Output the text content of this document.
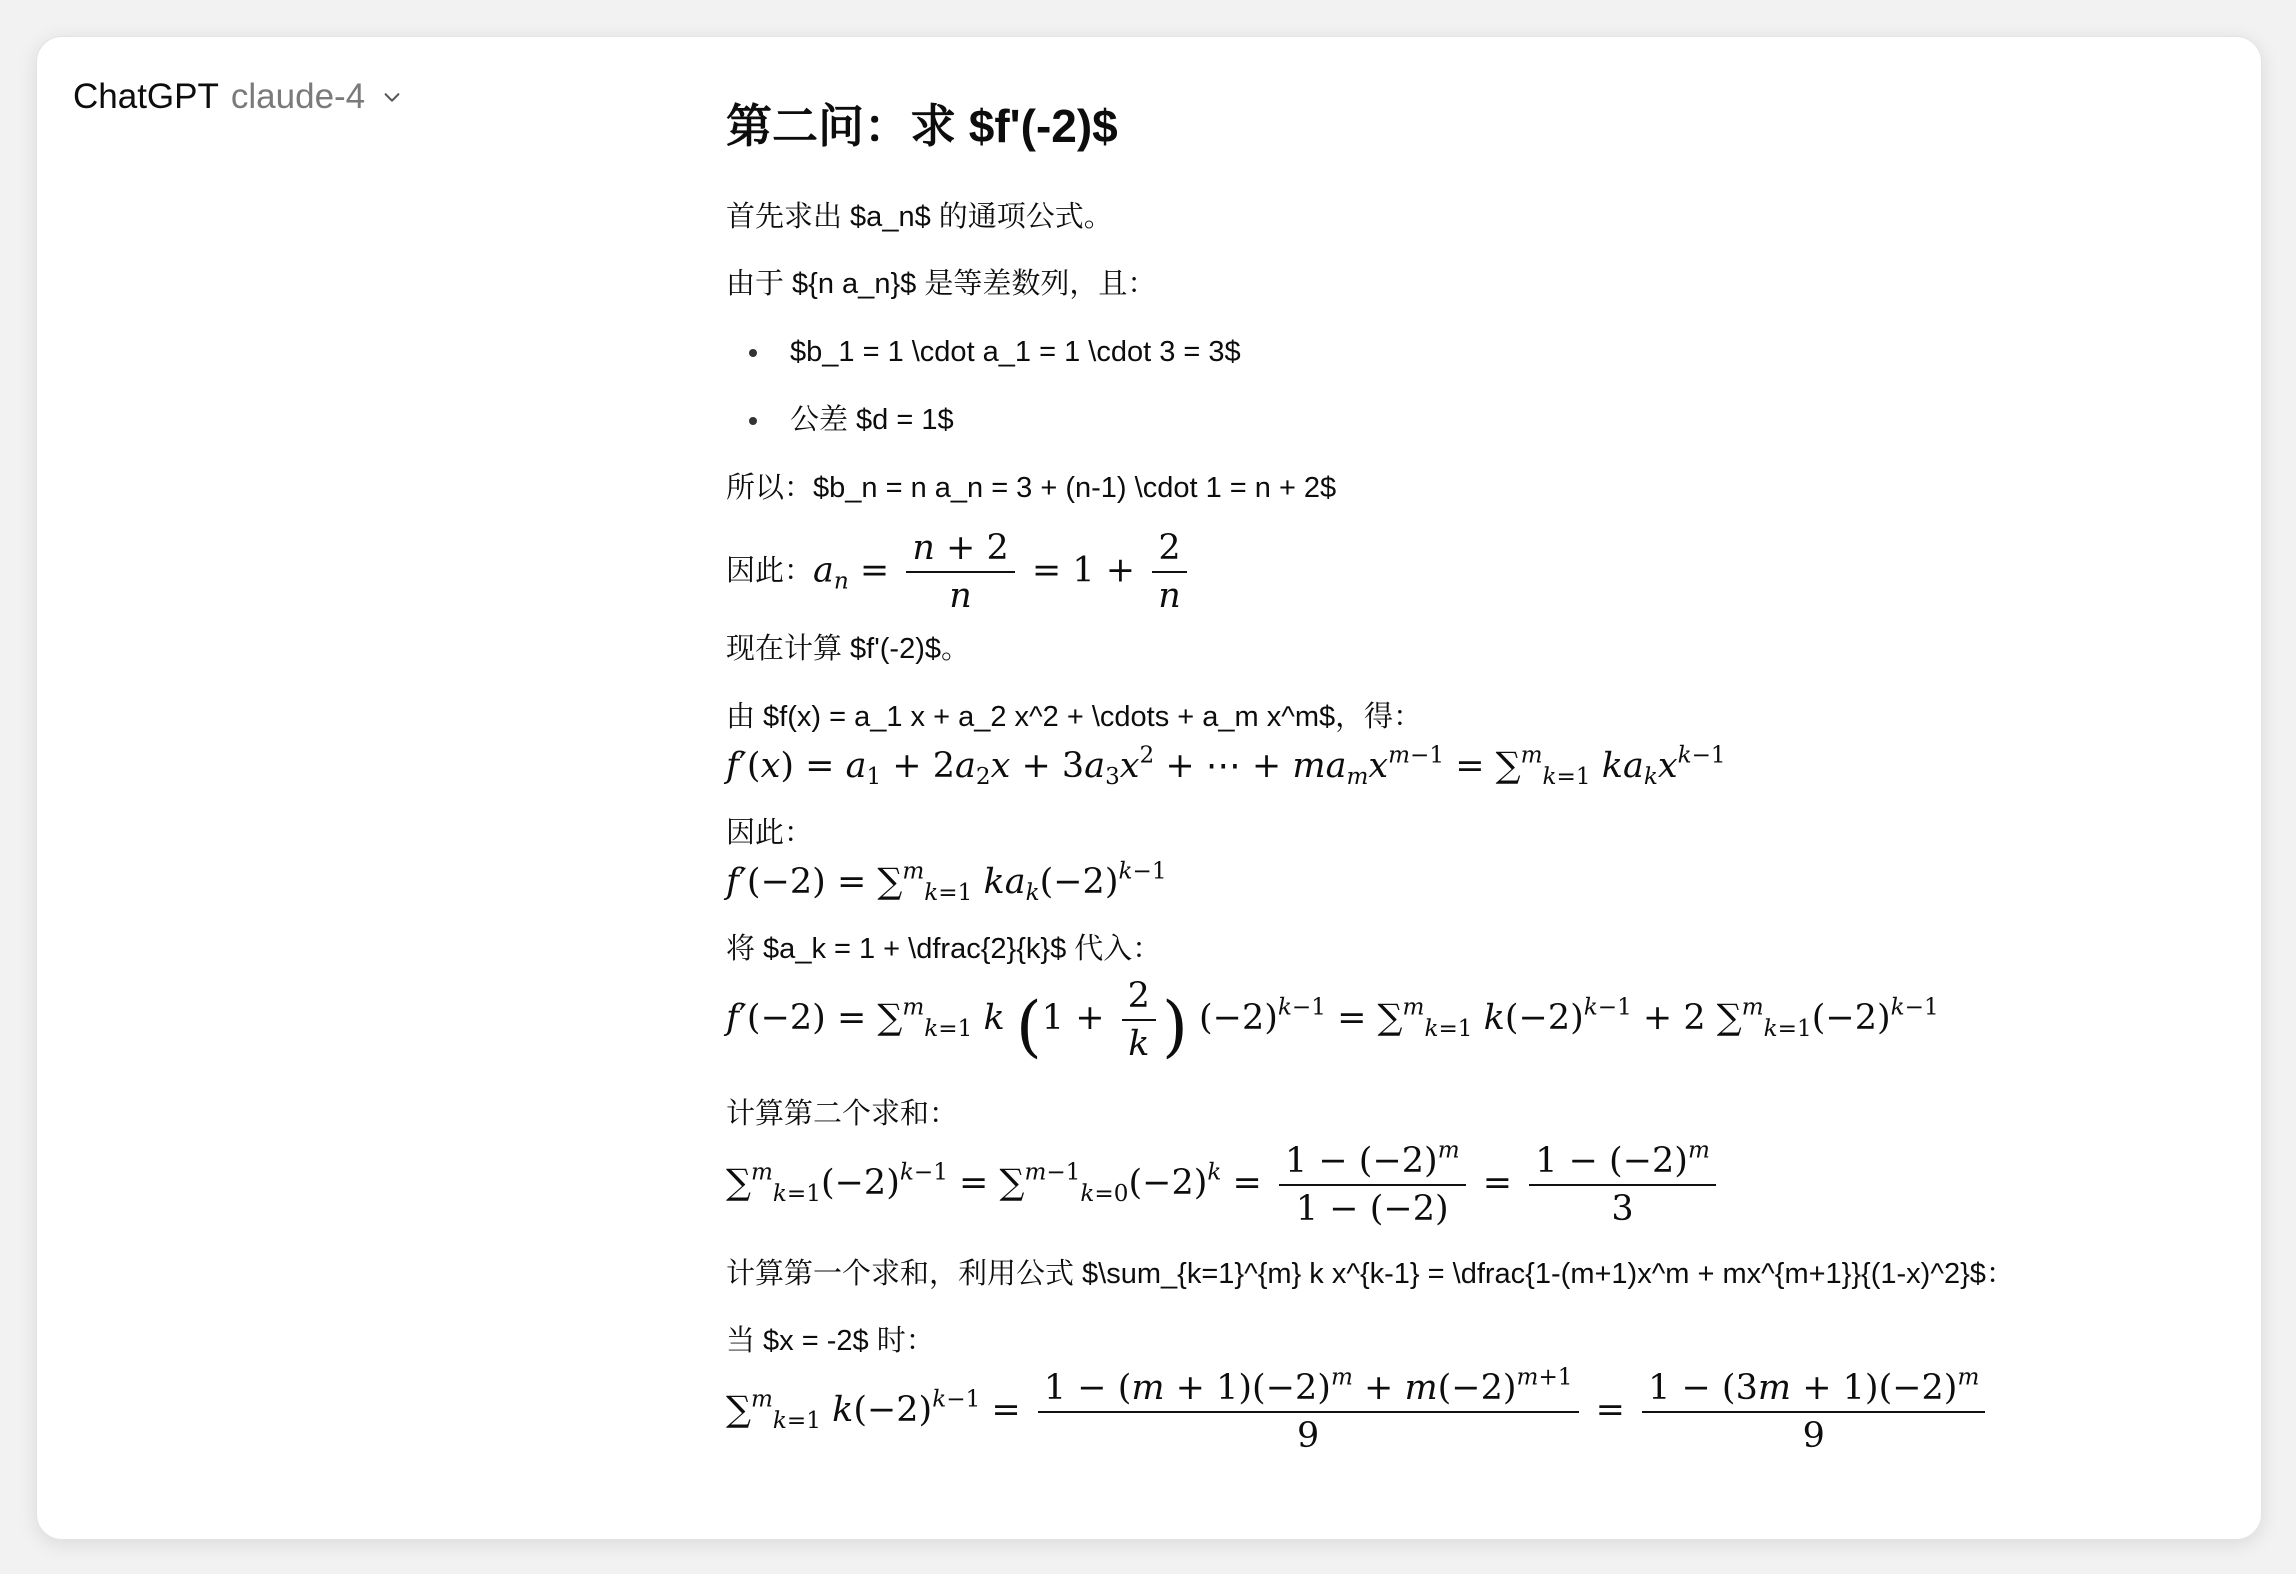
ChatGPT claude-4
第二问：求 $f'(-2)$
首先求出 $a_n$ 的通项公式。
由于 ${n a_n}$ 是等差数列，且：
$b_1 = 1 \cdot a_1 = 1 \cdot 3 = 3$
公差 $d = 1$
所以：$b_n = n a_n = 3 + (n-1) \cdot 1 = n + 2$
因此： $a_n = \frac{n + 2}{n} = 1 + \frac{2}{n}$
现在计算 $f'(-2)$。
由 $f(x) = a_1 x + a_2 x^2 + \cdots + a_m x^m$，得：
$f'(x) = a_1 + 2a_2x + 3a_3x^2$ + ⋯ + $ma_mx^{m-1} = \sum^m_{k=1}$ $ka_kx^{k-1}$
因此：
f′(−2) = ∑$^m_{k=1}$ $ka_k(-2)^{k-1}$
将 $a_k = 1 + \dfrac{2}{k}$ 代入：
f′(−2) = ∑$^m_{k=1}$ k ($1 + \frac{2}{k}$ ) $(-2)^{k-1} = \sum^m_{k=1}$ $k(-2)^{k-1} + 2$ $\sum^m_{k=1}(-2)^{k-1}$
计算第二个求和：
$\sum^m_{k=1}(-2)^{k-1} = \sum^{m-1}_{k=0}(-2)^k = \frac{1 - (-2)^m}{1 - (-2)} = \frac{1 - (-2)^m}{3}$
计算第一个求和，利用公式 $\sum_{k=1}^{m} k x^{k-1} = \dfrac{1-(m+1)x^m + mx^{m+1}}{(1-x)^2}$：
当 $x = -2$ 时：
∑$^m_{k=1}$ $k(-2)^{k-1} = \frac{1 - (m + 1)(-2)^m + m(-2)^{m+1}}{9} = \frac{1 - (3m + 1)(-2)^m}{9}$
